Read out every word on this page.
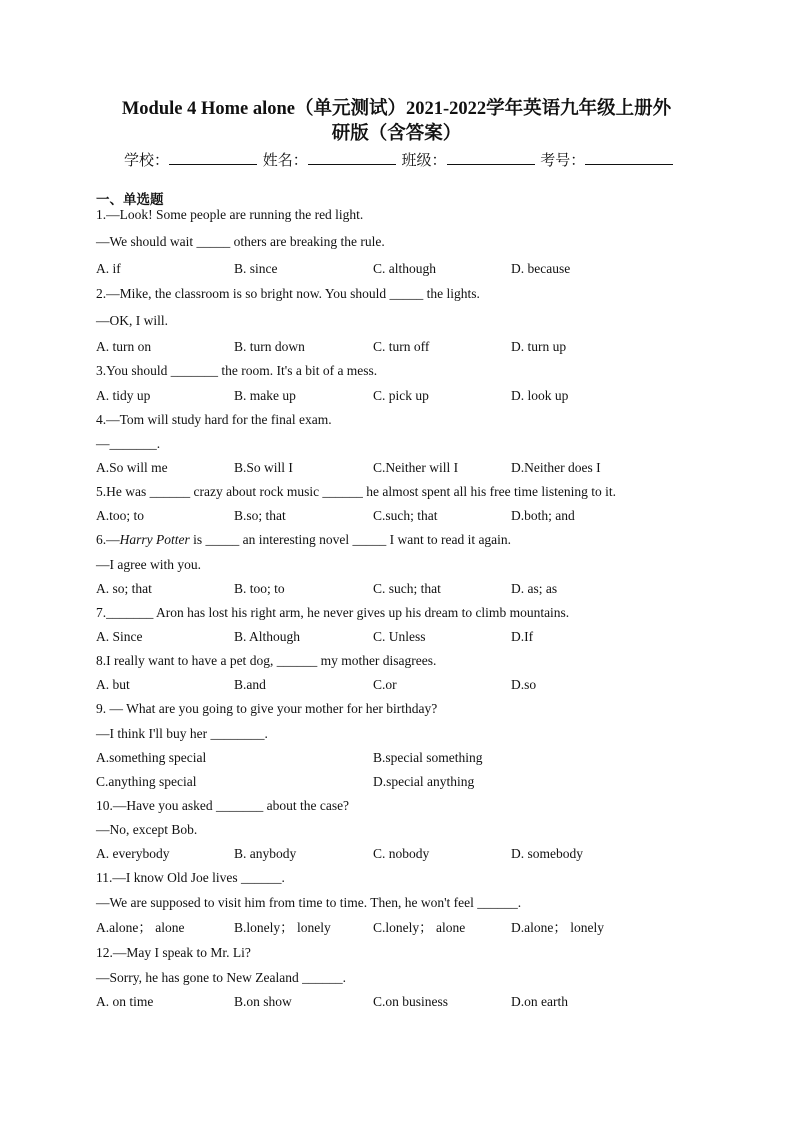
Module 4 Home alone（单元测试）2021-2022学年英语九年级上册外
研版（含答案）
学校：	姓名：	班级：	考号：
一、单选题
1.—Look! Some people are running the red light.
—We should wait _____ others are breaking the rule.
A. if	B. since	C. although	D. because
2.—Mike, the classroom is so bright now. You should _____ the lights.
—OK, I will.
A. turn on	B. turn down	C. turn off	D. turn up
3.You should _______ the room. It's a bit of a mess.
A. tidy up	B. make up	C. pick up	D. look up
4.—Tom will study hard for the final exam.
—_______.
A.So will me	B.So will I	C.Neither will I	D.Neither does I
5.He was ______ crazy about rock music ______ he almost spent all his free time listening to it.
A.too; to	B.so; that	C.such; that	D.both; and
6.—Harry Potter is _____ an interesting novel _____ I want to read it again.
—I agree with you.
A. so; that	B. too; to	C. such; that	D. as; as
7._______ Aron has lost his right arm, he never gives up his dream to climb mountains.
A. Since	B. Although	C. Unless	D.If
8.I really want to have a pet dog, ______ my mother disagrees.
A. but	B.and	C.or	D.so
9. — What are you going to give your mother for her birthday?
—I think I'll buy her ________.
A.something special	B.special something
C.anything special	D.special anything
10.—Have you asked _______ about the case?
—No, except Bob.
A. everybody	B. anybody	C. nobody	D. somebody
11.—I know Old Joe lives ______.
—We are supposed to visit him from time to time. Then, he won't feel ______.
A.alone； alone	B.lonely； lonely	C.lonely； alone	D.alone； lonely
12.—May I speak to Mr. Li?
—Sorry, he has gone to New Zealand ______.
A. on time	B.on show	C.on business	D.on earth
